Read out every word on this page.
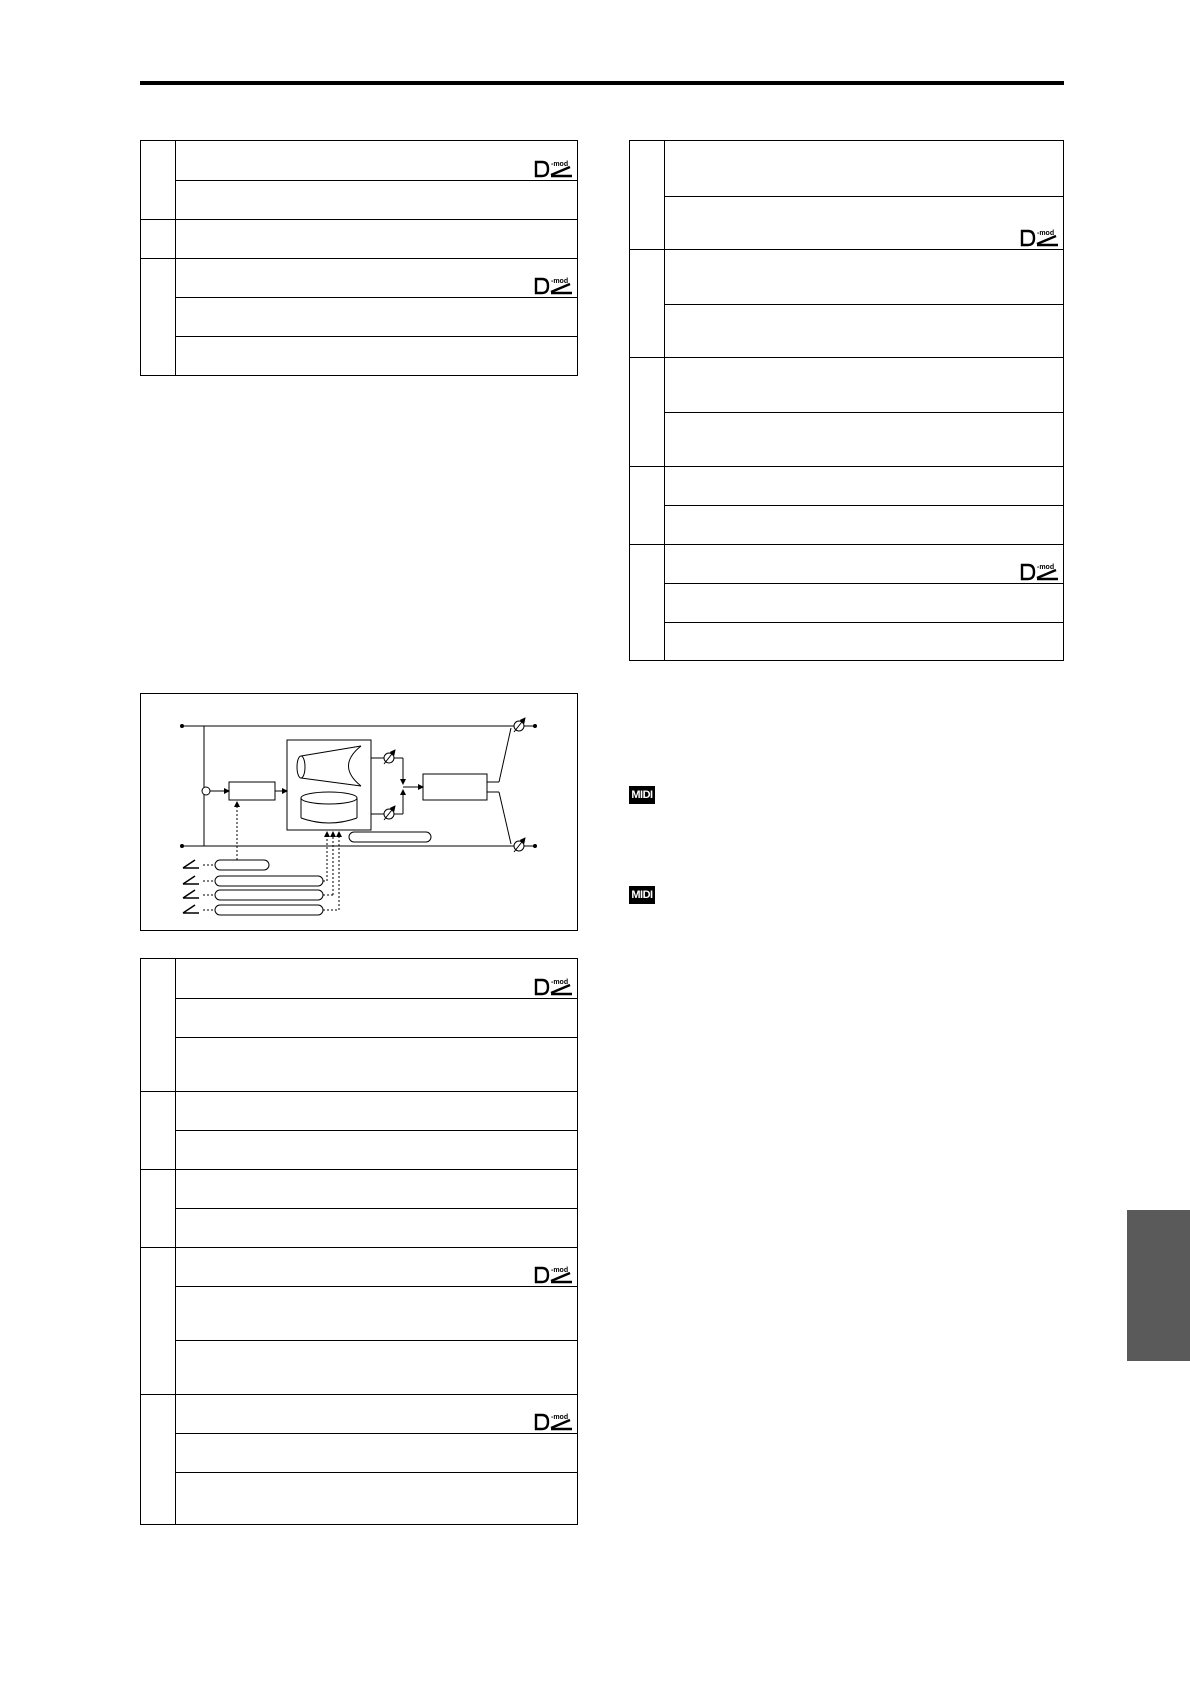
MIDI
MIDI
